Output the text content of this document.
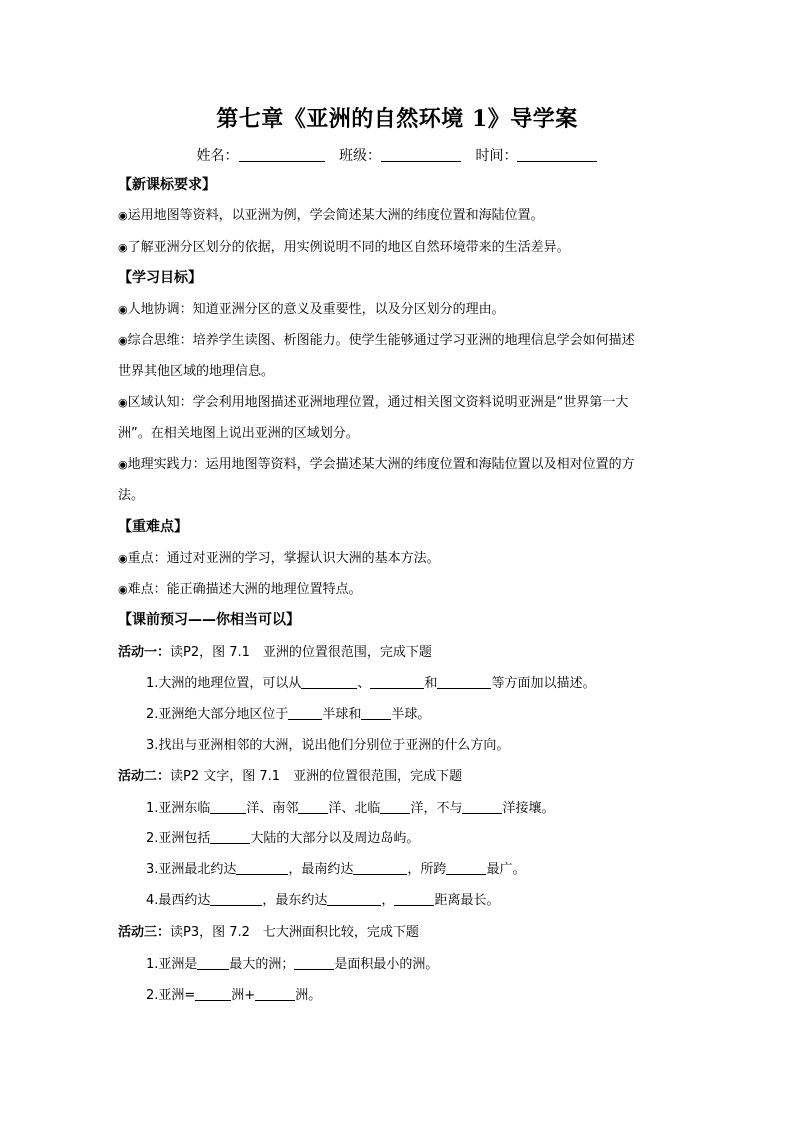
第七章《亚洲的自然环境 1》导学案
姓名：	班级：	时间：
【新课标要求】
◉运用地图等资料，以亚洲为例，学会简述某大洲的纬度位置和海陆位置。
◉了解亚洲分区划分的依据，用实例说明不同的地区自然环境带来的生活差异。
【学习目标】
◉人地协调：知道亚洲分区的意义及重要性，以及分区划分的理由。
◉综合思维：培养学生读图、析图能力。使学生能够通过学习亚洲的地理信息学会如何描述
世界其他区域的地理信息。
◉区域认知：学会利用地图描述亚洲地理位置，通过相关图文资料说明亚洲是“世界第一大
洲”。在相关地图上说出亚洲的区域划分。
◉地理实践力：运用地图等资料，学会描述某大洲的纬度位置和海陆位置以及相对位置的方
法。
【重难点】
◉重点：通过对亚洲的学习，掌握认识大洲的基本方法。
◉难点：能正确描述大洲的地理位置特点。
【课前预习——你相当可以】
活动一：读P2，图 7.1　亚洲的位置很范围，完成下题
1.大洲的地理位置，可以从	、	和	等方面加以描述。
2.亚洲绝大部分地区位于	半球和 半球。
3.找出与亚洲相邻的大洲，说出他们分别位于亚洲的什么方向。
活动二：读P2 文字，图 7.1　亚洲的位置很范围，完成下题
1.亚洲东临	洋、南邻 洋、北临 洋，不与	洋接壤。
2.亚洲包括	大陆的大部分以及周边岛屿。
3.亚洲最北约达	，最南约达	，所跨	最广。
4.最西约达	，最东约达	，	距离最长。
活动三：读P3，图 7.2　七大洲面积比较，完成下题
1.亚洲是 最大的洲；	是面积最小的洲。
2.亚洲=	洲+	洲。
